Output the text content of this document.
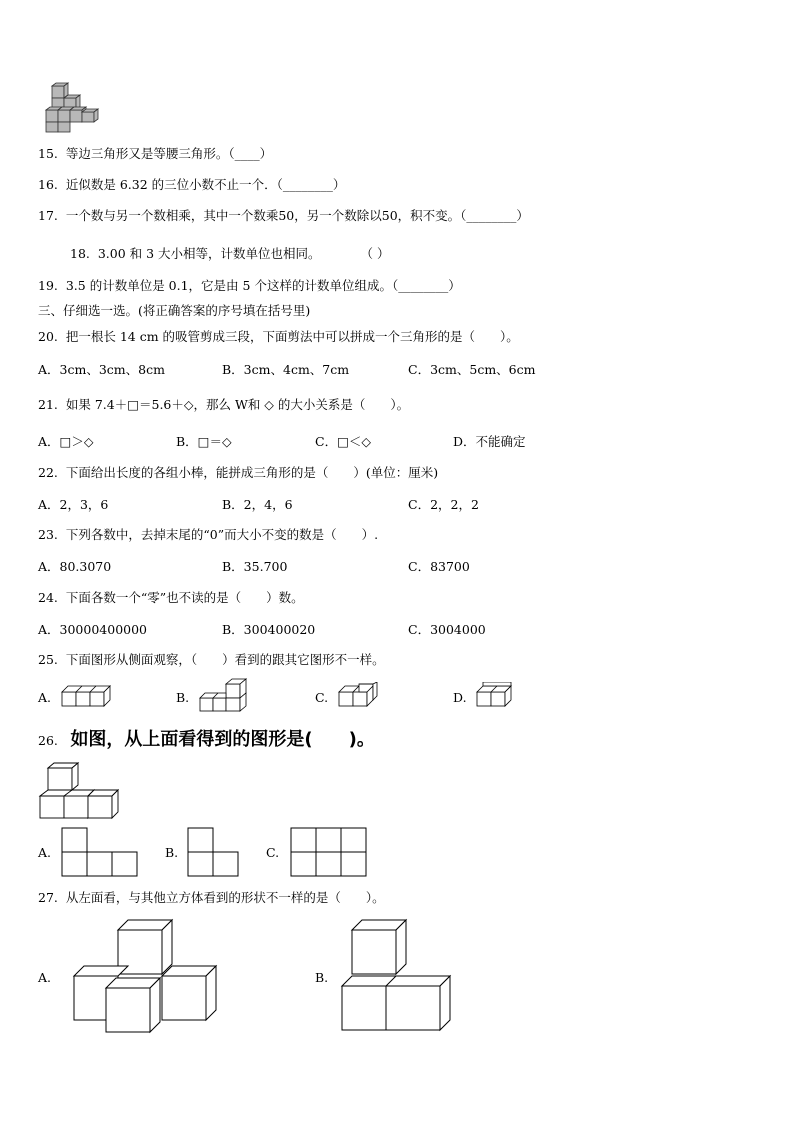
15. 等边三角形又是等腰三角形。（____）
16. 近似数是 6.32 的三位小数不止一个．（________）
17. 一个数与另一个数相乘，其中一个数乘50，另一个数除以50，积不变。（________）
18. 3.00 和 3 大小相等，计数单位也相同。	（ ）
19. 3.5 的计数单位是 0.1，它是由 5 个这样的计数单位组成。（________）
三、仔细选一选。(将正确答案的序号填在括号里)
20. 把一根长 14 cm 的吸管剪成三段，下面剪法中可以拼成一个三角形的是（　　）。
A．3cm、3cm、8cm	B．3cm、4cm、7cm	C．3cm、5cm、6cm
21. 如果 7.4＋□＝5.6＋◇，那么 W和 ◇ 的大小关系是（　　）。
A．□＞◇	B．□＝◇	C．□＜◇	D．不能确定
22. 下面给出长度的各组小棒，能拼成三角形的是（　　）(单位：厘米)
A．2，3，6	B．2，4，6	C．2，2，2
23. 下列各数中，去掉末尾的“0”而大小不变的数是（　　）.
A．80.3070	B．35.700	C．83700
24. 下面各数一个“零”也不读的是（　　）数。
A．30000400000	B．300400020	C．3004000
25. 下面图形从侧面观察，（　　）看到的跟其它图形不一样。
A.	B.	C.	D.
26. 如图，从上面看得到的图形是(　　)。
A.	B.	C.
27. 从左面看，与其他立方体看到的形状不一样的是（　　）。
A.	B.
